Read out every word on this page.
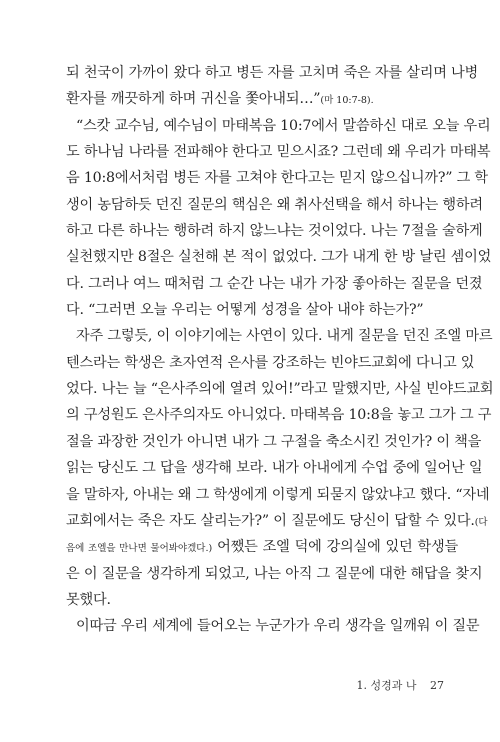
되 천국이 가까이 왔다 하고 병든 자를 고치며 죽은 자를 살리며 나병
환자를 깨끗하게 하며 귀신을 쫓아내되…”(마 10:7-8).
“스캇 교수님, 예수님이 마태복음 10:7에서 말씀하신 대로 오늘 우리
도 하나님 나라를 전파해야 한다고 믿으시죠? 그런데 왜 우리가 마태복
음 10:8에서처럼 병든 자를 고쳐야 한다고는 믿지 않으십니까?” 그 학
생이 농담하듯 던진 질문의 핵심은 왜 취사선택을 해서 하나는 행하려
하고 다른 하나는 행하려 하지 않느냐는 것이었다. 나는 7절을 술하게
실천했지만 8절은 실천해 본 적이 없었다. 그가 내게 한 방 날린 셈이었
다. 그러나 여느 때처럼 그 순간 나는 내가 가장 좋아하는 질문을 던졌
다. “그러면 오늘 우리는 어떻게 성경을 살아 내야 하는가?”
자주 그렇듯, 이 이야기에는 사연이 있다. 내게 질문을 던진 조엘 마르
텐스라는 학생은 초자연적 은사를 강조하는 빈야드교회에 다니고 있
었다. 나는 늘 “은사주의에 열려 있어!”라고 말했지만, 사실 빈야드교회
의 구성원도 은사주의자도 아니었다. 마태복음 10:8을 놓고 그가 그 구
절을 과장한 것인가 아니면 내가 그 구절을 축소시킨 것인가? 이 책을
읽는 당신도 그 답을 생각해 보라. 내가 아내에게 수업 중에 일어난 일
을 말하자, 아내는 왜 그 학생에게 이렇게 되묻지 않았냐고 했다. “자네
교회에서는 죽은 자도 살리는가?” 이 질문에도 당신이 답할 수 있다.(다
음에 조엘을 만나면 물어봐야겠다.) 어쨌든 조엘 덕에 강의실에 있던 학생들
은 이 질문을 생각하게 되었고, 나는 아직 그 질문에 대한 해답을 찾지
못했다.
이따금 우리 세계에 들어오는 누군가가 우리 생각을 일깨워 이 질문
1. 성경과 나 27
